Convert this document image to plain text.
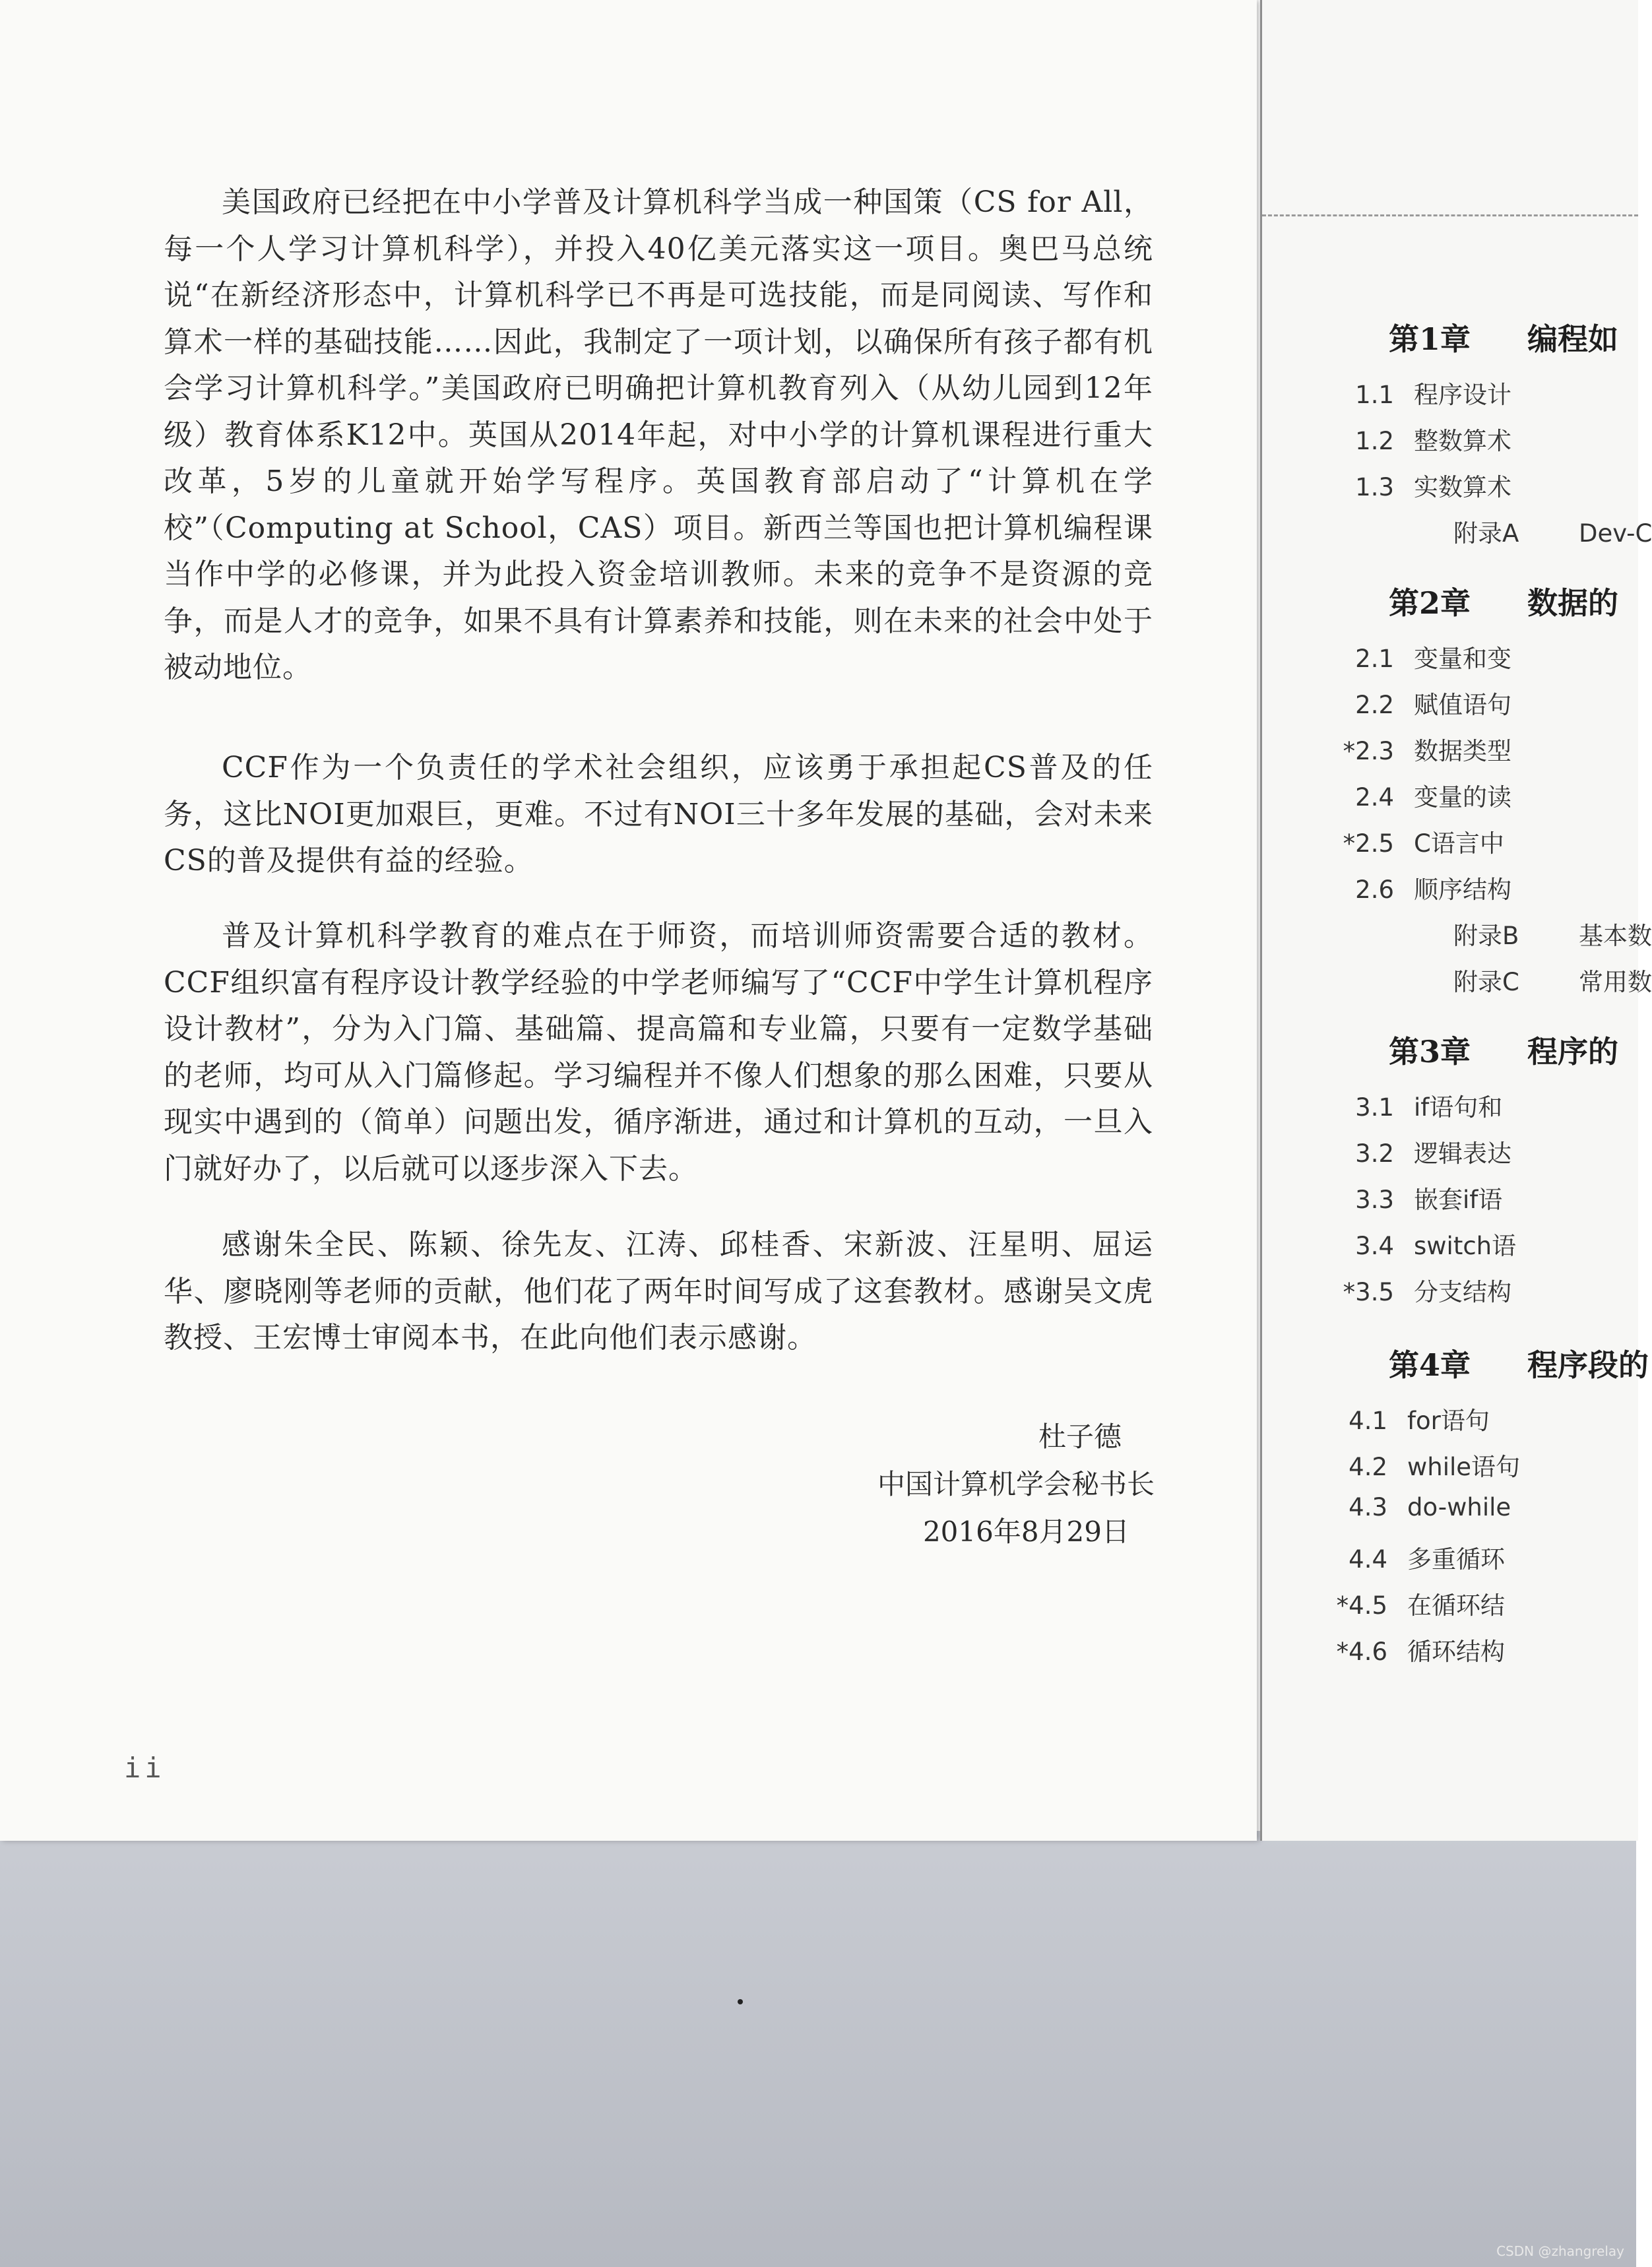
美国政府已经把在中小学普及计算机科学当成一种国策（CS for All，每一个人学习计算机科学），并投入40亿美元落实这一项目。奥巴马总统说“在新经济形态中，计算机科学已不再是可选技能，而是同阅读、写作和算术一样的基础技能……因此，我制定了一项计划，以确保所有孩子都有机会学习计算机科学。”美国政府已明确把计算机教育列入（从幼儿园到12年级）教育体系K12中。英国从2014年起，对中小学的计算机课程进行重大改革，5岁的儿童就开始学写程序。英国教育部启动了“计算机在学校”（Computing at School，CAS）项目。新西兰等国也把计算机编程课当作中学的必修课，并为此投入资金培训教师。未来的竞争不是资源的竞争，而是人才的竞争，如果不具有计算素养和技能，则在未来的社会中处于被动地位。

CCF作为一个负责任的学术社会组织，应该勇于承担起CS普及的任务，这比NOI更加艰巨，更难。不过有NOI三十多年发展的基础，会对未来CS的普及提供有益的经验。

普及计算机科学教育的难点在于师资，而培训师资需要合适的教材。CCF组织富有程序设计教学经验的中学老师编写了“CCF中学生计算机程序设计教材”，分为入门篇、基础篇、提高篇和专业篇，只要有一定数学基础的老师，均可从入门篇修起。学习编程并不像人们想象的那么困难，只要从现实中遇到的（简单）问题出发，循序渐进，通过和计算机的互动，一旦入门就好办了，以后就可以逐步深入下去。

感谢朱全民、陈颖、徐先友、江涛、邱桂香、宋新波、汪星明、屈运华、廖晓刚等老师的贡献，他们花了两年时间写成了这套教材。感谢吴文虎教授、王宏博士审阅本书，在此向他们表示感谢。

杜子德
中国计算机学会秘书长
2016年8月29日
ii
第1章 编程如
1.1 程序设计
1.2 整数算术
1.3 实数算术
附录A Dev-C
第2章 数据的
2.1 变量和变
2.2 赋值语句
*2.3 数据类型
2.4 变量的读
*2.5 C语言中
2.6 顺序结构
附录B 基本数
附录C 常用数
第3章 程序的
3.1 if语句和
3.2 逻辑表达
3.3 嵌套if语
3.4 switch语
*3.5 分支结构
第4章 程序段的
4.1 for语句
4.2 while语句
4.3 do-while
4.4 多重循环
*4.5 在循环结
*4.6 循环结构
CSDN @zhangrelay
